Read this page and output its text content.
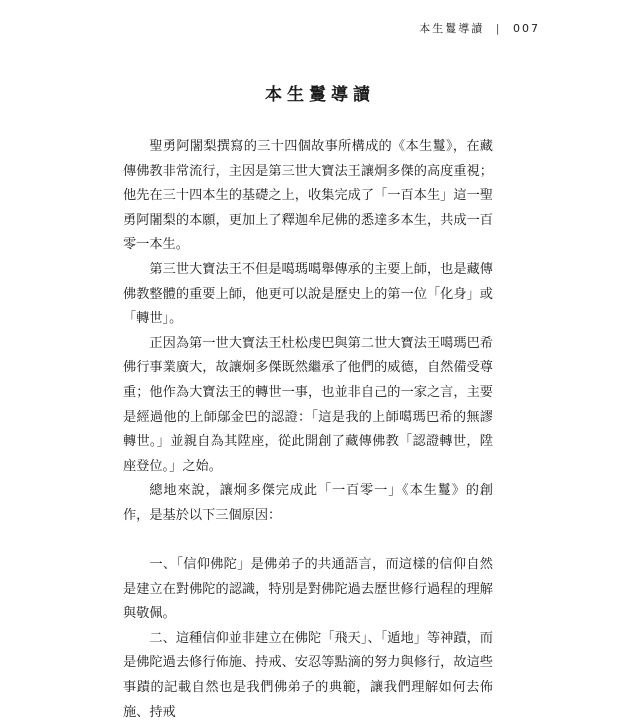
本生鬘導讀 | 007
本生鬘導讀

聖勇阿闍梨撰寫的三十四個故事所構成的《本生鬘》，在藏傳佛教非常流行，主因是第三世大寶法王讓炯多傑的高度重視；他先在三十四本生的基礎之上，收集完成了「一百本生」這一聖勇阿闍梨的本願，更加上了釋迦牟尼佛的悉達多本生，共成一百零一本生。

第三世大寶法王不但是噶瑪噶舉傳承的主要上師，也是藏傳佛教整體的重要上師，他更可以說是歷史上的第一位「化身」或「轉世」。

正因為第一世大寶法王杜松虔巴與第二世大寶法王噶瑪巴希佛行事業廣大，故讓炯多傑既然繼承了他們的威德，自然備受尊重；他作為大寶法王的轉世一事，也並非自己的一家之言，主要是經過他的上師鄔金巴的認證：「這是我的上師噶瑪巴希的無謬轉世。」並親自為其陞座，從此開創了藏傳佛教「認證轉世，陞座登位。」之始。

總地來說，讓炯多傑完成此「一百零一」《本生鬘》的創作，是基於以下三個原因：

一、「信仰佛陀」是佛弟子的共通語言，而這樣的信仰自然是建立在對佛陀的認識，特別是對佛陀過去歷世修行過程的理解與敬佩。

二、這種信仰並非建立在佛陀「飛天」、「遁地」等神蹟，而是佛陀過去修行佈施、持戒、安忍等點滴的努力與修行，故這些事蹟的記載自然也是我們佛弟子的典範，讓我們理解如何去佈施、持戒
